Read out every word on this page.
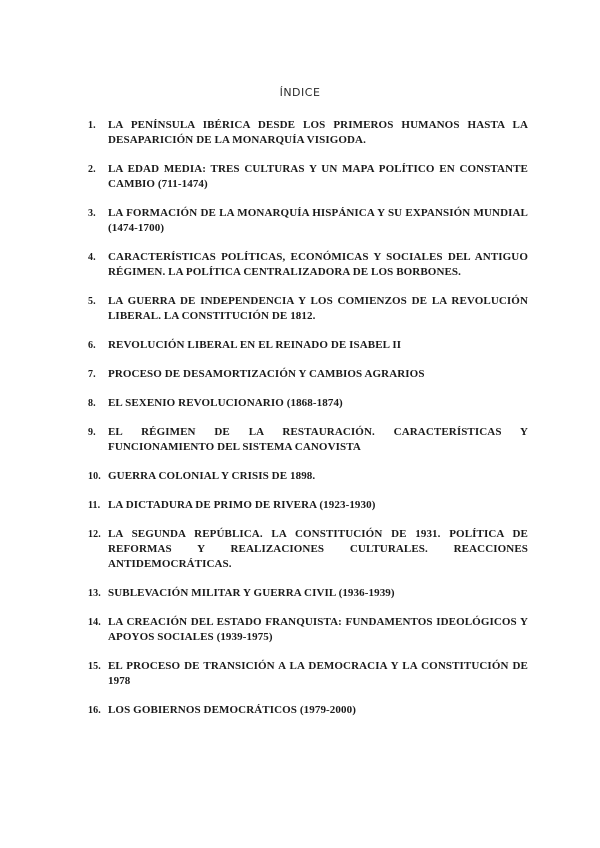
ÍNDICE
1. LA PENÍNSULA IBÉRICA DESDE LOS PRIMEROS HUMANOS HASTA LA DESAPARICIÓN DE LA MONARQUÍA VISIGODA.
2. LA EDAD MEDIA: TRES CULTURAS Y UN MAPA POLÍTICO EN CONSTANTE CAMBIO (711-1474)
3. LA FORMACIÓN DE LA MONARQUÍA HISPÁNICA Y SU EXPANSIÓN MUNDIAL (1474-1700)
4. CARACTERÍSTICAS POLÍTICAS, ECONÓMICAS Y SOCIALES DEL ANTIGUO RÉGIMEN. LA POLÍTICA CENTRALIZADORA DE LOS BORBONES.
5. LA GUERRA DE INDEPENDENCIA Y LOS COMIENZOS DE LA REVOLUCIÓN LIBERAL. LA CONSTITUCIÓN DE 1812.
6. REVOLUCIÓN LIBERAL EN EL REINADO DE ISABEL II
7. PROCESO DE DESAMORTIZACIÓN Y CAMBIOS AGRARIOS
8. EL SEXENIO REVOLUCIONARIO (1868-1874)
9. EL RÉGIMEN DE LA RESTAURACIÓN. CARACTERÍSTICAS Y FUNCIONAMIENTO DEL SISTEMA CANOVISTA
10. GUERRA COLONIAL Y CRISIS DE 1898.
11. LA DICTADURA DE PRIMO DE RIVERA (1923-1930)
12. LA SEGUNDA REPÚBLICA. LA CONSTITUCIÓN DE 1931. POLÍTICA DE REFORMAS Y REALIZACIONES CULTURALES. REACCIONES ANTIDEMOCRÁTICAS.
13. SUBLEVACIÓN MILITAR Y GUERRA CIVIL (1936-1939)
14. LA CREACIÓN DEL ESTADO FRANQUISTA: FUNDAMENTOS IDEOLÓGICOS Y APOYOS SOCIALES (1939-1975)
15. EL PROCESO DE TRANSICIÓN A LA DEMOCRACIA Y LA CONSTITUCIÓN DE 1978
16. LOS GOBIERNOS DEMOCRÁTICOS (1979-2000)
